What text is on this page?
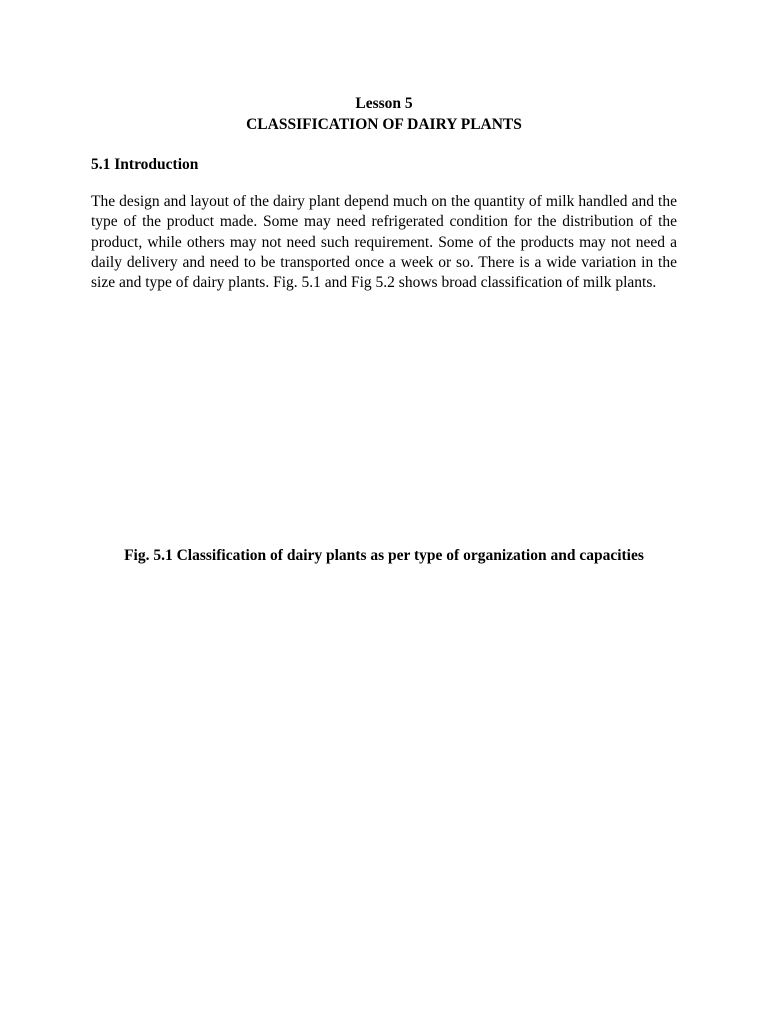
Lesson 5
CLASSIFICATION OF DAIRY PLANTS
5.1 Introduction

The design and layout of the dairy plant depend much on the quantity of milk handled and the type of the product made. Some may need refrigerated condition for the distribution of the product, while others may not need such requirement. Some of the products may not need a daily delivery and need to be transported once a week or so. There is a wide variation in the size and type of dairy plants. Fig. 5.1 and Fig 5.2 shows broad classification of milk plants.

Fig. 5.1 Classification of dairy plants as per type of organization and capacities
